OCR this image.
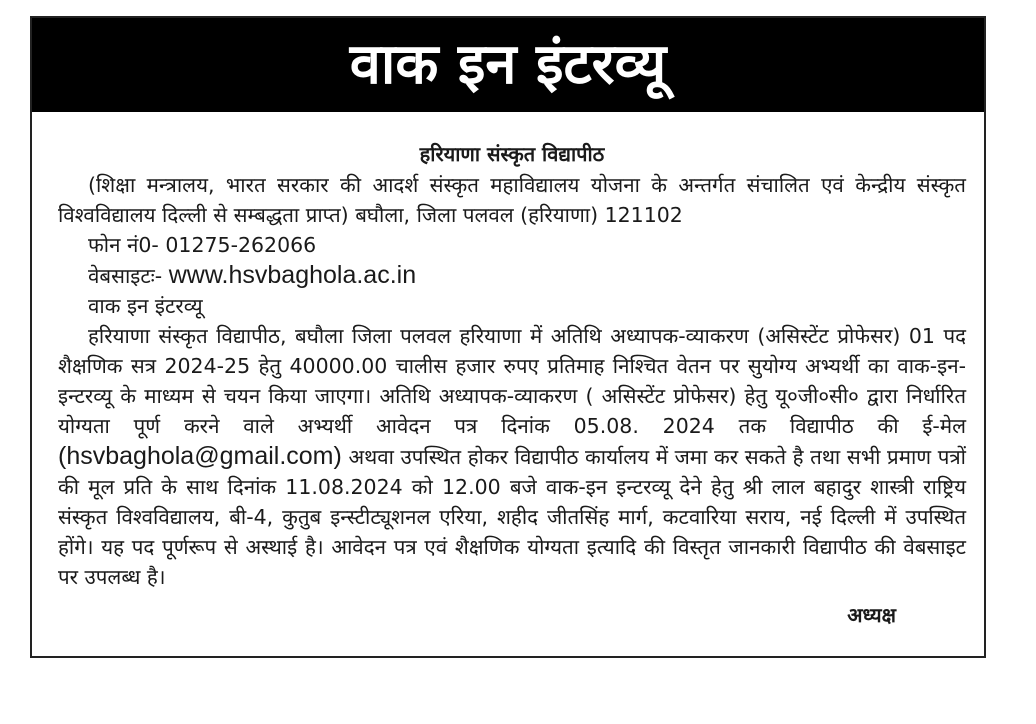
वाक इन इंटरव्यू
हरियाणा संस्कृत विद्यापीठ
(शिक्षा मन्त्रालय, भारत सरकार की आदर्श संस्कृत महाविद्यालय योजना के अन्तर्गत संचालित एवं केन्द्रीय संस्कृत विश्वविद्यालय दिल्ली से सम्बद्धता प्राप्त) बघौला, जिला पलवल (हरियाणा) 121102
फोन नं0- 01275-262066
वेबसाइटः- www.hsvbaghola.ac.in
वाक इन इंटरव्यू
हरियाणा संस्कृत विद्यापीठ, बघौला जिला पलवल हरियाणा में अतिथि अध्यापक-व्याकरण (असिस्टेंट प्रोफेसर) 01 पद शैक्षणिक सत्र 2024-25 हेतु 40000.00 चालीस हजार रुपए प्रतिमाह निश्चित वेतन पर सुयोग्य अभ्यर्थी का वाक-इन-इन्टरव्यू के माध्यम से चयन किया जाएगा। अतिथि अध्यापक-व्याकरण ( असिस्टेंट प्रोफेसर) हेतु यू०जी०सी० द्वारा निर्धारित योग्यता पूर्ण करने वाले अभ्यर्थी आवेदन पत्र दिनांक 05.08. 2024 तक विद्यापीठ की ई-मेल (hsvbaghola@gmail.com) अथवा उपस्थित होकर विद्यापीठ कार्यालय में जमा कर सकते है तथा सभी प्रमाण पत्रों की मूल प्रति के साथ दिनांक 11.08.2024 को 12.00 बजे वाक-इन इन्टरव्यू देने हेतु श्री लाल बहादुर शास्त्री राष्ट्रिय संस्कृत विश्वविद्यालय, बी-4, कुतुब इन्स्टीट्यूशनल एरिया, शहीद जीतसिंह मार्ग, कटवारिया सराय, नई दिल्ली में उपस्थित होंगे। यह पद पूर्णरूप से अस्थाई है। आवेदन पत्र एवं शैक्षणिक योग्यता इत्यादि की विस्तृत जानकारी विद्यापीठ की वेबसाइट पर उपलब्ध है।
अध्यक्ष
